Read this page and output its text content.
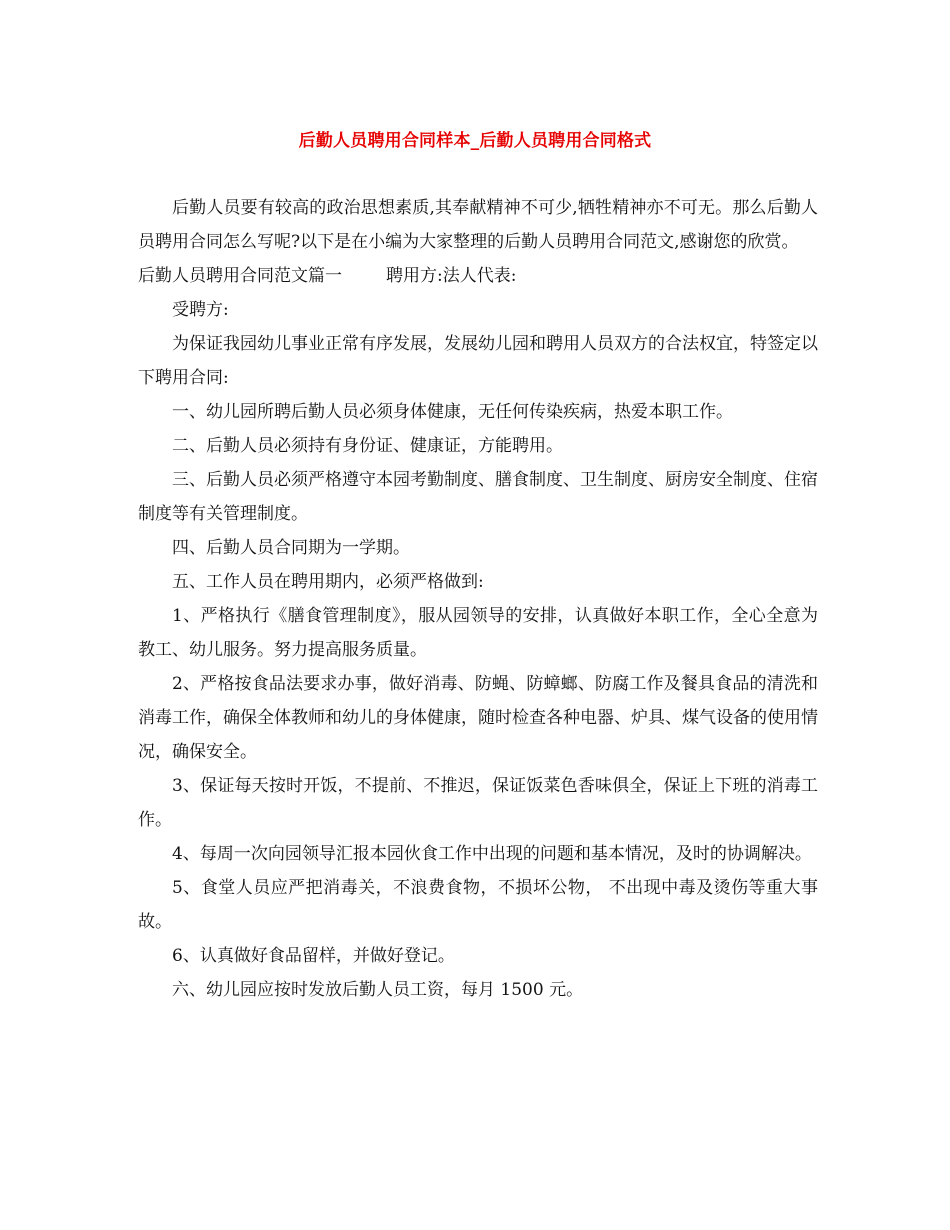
后勤人员聘用合同样本_后勤人员聘用合同格式

后勤人员要有较高的政治思想素质,其奉献精神不可少,牺牲精神亦不可无。那么后勤人员聘用合同怎么写呢?以下是在小编为大家整理的后勤人员聘用合同范文,感谢您的欣赏。

后勤人员聘用合同范文篇一	聘用方:法人代表:

受聘方:

为保证我园幼儿事业正常有序发展，发展幼儿园和聘用人员双方的合法权宜，特签定以下聘用合同:

一、幼儿园所聘后勤人员必须身体健康，无任何传染疾病，热爱本职工作。

二、后勤人员必须持有身份证、健康证，方能聘用。

三、后勤人员必须严格遵守本园考勤制度、膳食制度、卫生制度、厨房安全制度、住宿制度等有关管理制度。

四、后勤人员合同期为一学期。

五、工作人员在聘用期内，必须严格做到:

1、严格执行《膳食管理制度》，服从园领导的安排，认真做好本职工作，全心全意为教工、幼儿服务。努力提高服务质量。

2、严格按食品法要求办事，做好消毒、防蝇、防蟑螂、防腐工作及餐具食品的清洗和消毒工作，确保全体教师和幼儿的身体健康，随时检查各种电器、炉具、煤气设备的使用情况，确保安全。

3、保证每天按时开饭，不提前、不推迟，保证饭菜色香味俱全，保证上下班的消毒工作。

4、每周一次向园领导汇报本园伙食工作中出现的问题和基本情况，及时的协调解决。

5、食堂人员应严把消毒关，不浪费食物，不损坏公物， 不出现中毒及烫伤等重大事故。

6、认真做好食品留样，并做好登记。

六、幼儿园应按时发放后勤人员工资，每月 1500 元。
